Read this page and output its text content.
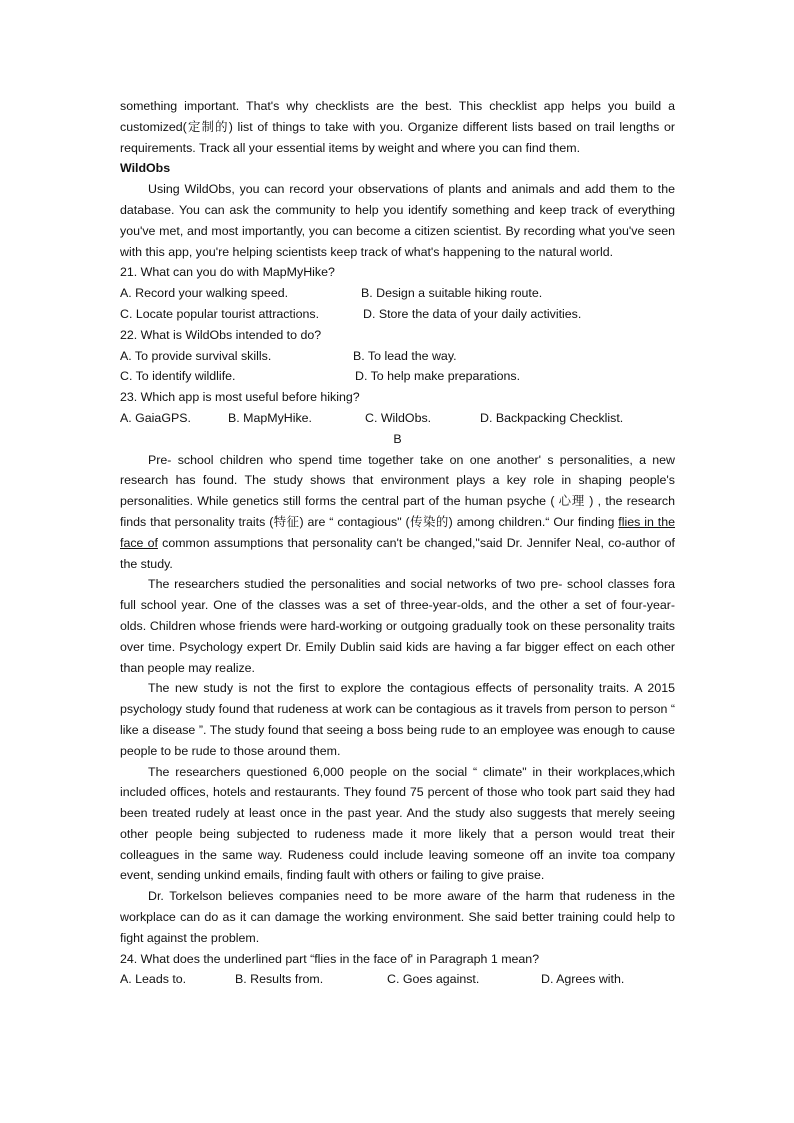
something important. That's why checklists are the best. This checklist app helps you build a customized(定制的) list of things to take with you. Organize different lists based on trail lengths or requirements. Track all your essential items by weight and where you can find them.

WildObs

Using WildObs, you can record your observations of plants and animals and add them to the database. You can ask the community to help you identify something and keep track of everything you've met, and most importantly, you can become a citizen scientist. By recording what you've seen with this app, you're helping scientists keep track of what's happening to the natural world.

21. What can you do with MapMyHike?

A. Record your walking speed.	B. Design a suitable hiking route.
C. Locate popular tourist attractions.	D. Store the data of your daily activities.

22. What is WildObs intended to do?

A. To provide survival skills.	B. To lead the way.
C. To identify wildlife.	D. To help make preparations.

23. Which app is most useful before hiking?

A. GaiaGPS.	B. MapMyHike.	C. WildObs.	D. Backpacking Checklist.

B

Pre- school children who spend time together take on one another' s personalities, a new research has found. The study shows that environment plays a key role in shaping people's personalities. While genetics still forms the central part of the human psyche ( 心理 ) , the research finds that personality traits (特征) are “ contagious" (传染的) among children.“ Our finding flies in the face of common assumptions that personality can't be changed,"said Dr. Jennifer Neal, co-author of the study.

The researchers studied the personalities and social networks of two pre- school classes fora full school year. One of the classes was a set of three-year-olds, and the other a set of four-year-olds. Children whose friends were hard-working or outgoing gradually took on these personality traits over time. Psychology expert Dr. Emily Dublin said kids are having a far bigger effect on each other than people may realize.

The new study is not the first to explore the contagious effects of personality traits. A 2015 psychology study found that rudeness at work can be contagious as it travels from person to person “ like a disease ”. The study found that seeing a boss being rude to an employee was enough to cause people to be rude to those around them.

The researchers questioned 6,000 people on the social “ climate" in their workplaces,which included offices, hotels and restaurants. They found 75 percent of those who took part said they had been treated rudely at least once in the past year. And the study also suggests that merely seeing other people being subjected to rudeness made it more likely that a person would treat their colleagues in the same way. Rudeness could include leaving someone off an invite toa company event, sending unkind emails, finding fault with others or failing to give praise.

Dr. Torkelson believes companies need to be more aware of the harm that rudeness in the workplace can do as it can damage the working environment. She said better training could help to fight against the problem.

24. What does the underlined part “flies in the face of' in Paragraph 1 mean?

A. Leads to.	B. Results from.	C. Goes against.	D. Agrees with.
